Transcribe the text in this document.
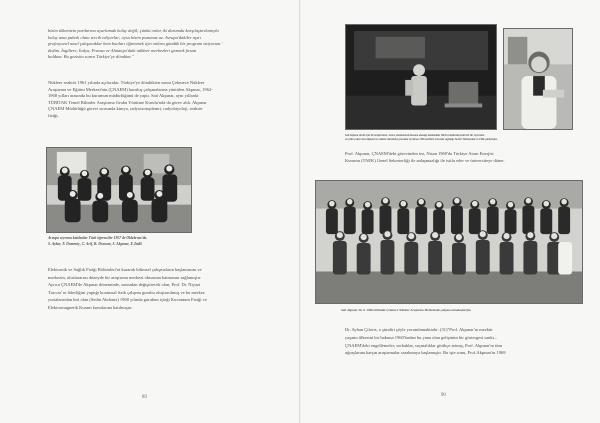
bizim ülkemizin partlarına uyarlamak kolay değil; çünkü onlar iki durumda karşılaştırılamıyla
kolay ama pahalı olanı tercih ediyorlar; oysa bizim pozumuz az. Avrupa'dakiler aşırı
profesyonel nasıl çalışacaklar hem bunları öğrenmek için onlara gündük bir program istiyorum.'
dedim. İngiltere, İtalya, Fransa ve Almanya'daki nükleer merkezleri gezmek fırsatı
buldum. Bu gezisiin sonra Türkiye'ye döndüm."
Nükleer reaktör 1961 yılında açılacaktı. Türkiye'ye döndükten sonra Çekmece Nükleer
Araştırma ve Eğitim Merkezi'nin (ÇNAEM) kuruluş çalışmalarına yüntülen Akpınar, 1962-
1968 yılları arasında bu kurumun müdürlüğünü de yaptı. Sait Akpınar, aynı yıllarda
TÜBİTAK Temel Bilimler Araştırma Grubu Yürütme Kurulu'nda da görev aldı. Akpınar
ÇNAEM Müdürlüğü görevi sırasında kimya, radyoizotoplemri, radyobiyoloji, reaktör
fiziği,
Avrupa seyrana katılanlar Türk öğrenciler 1957'de Oldebrom'da.
S. Aybar, F. Domeniç, C. Arif, B. Doxnun, S. Akpınar, E.Tadil.
Elektronik ve Sağlık Fiziği Bölümleri'ni kurarak bilimsel çalışmaların başlamasını ve
merkezin, uluslararası düzeyde bir araştırma merkezi olmasına katmasını sağlamıştır.
Ayrıca ÇNAEM'de Akpınar döneminde, sonradan değiştirecek olan, Prof. Dr. Niyazi
Turcıar' ın liderliğini yaptığı koramsal fizik çalışma gurubu oluşturulmuş ve bu merkez
yurtalarından biri olan (Sedin Ahdonis) 1968 yılında gurubun içteği Kuvantum Fiziği ve
Elektromagnetik Kuram konularına katılmıştır.
89
Sait Akpınar devlet için bir konferansta. Sonra yakalanarak davanın alanağı hakkındaki. Birinci mühendisyenin bir tür seyircinin
şu yıllar çalıştı Sait Akpınar'ın cuhteki sürekleme prosudur ok duran 1986 tarihleri arasında yapıldığı Sesleri Türkmanlar'ın Fizik şürüyüşten.
Prof. Akpınar, ÇNAEM'deki görevinden tez, Nisan 1969'da Türkiye Atom Enerjisi
Kurumu (TAEK) Genel Sekreterliği ile anlaşmazlığı ile istifa eder ve üniversiteye döner.
Sait Akpınar 26. 6. 1966 tarihinde Çekmece Nükleer Araştırma Merkezinde çalışma arkadaşlarıyla.
Dr. Ayhan Çiloris, o şimdiri şöyle yorumlamaktadır: (31)"Prof. Akpınar'ın mezkür
yaşamı ülkesini bir bakıma 1960'lardan bu yana olan gelişimin bir göstergesi sanki...
ÇNAEM'deki engellemeler, sorbaklar, saçmalıklar gittikçe artmış, Prof. Akpınar'ın tüm
uğraşlarına karşın araştırmalar sarahmaya başlamıştır. Bu işte sonu, Prof.Akpınar'ın 1969
90
